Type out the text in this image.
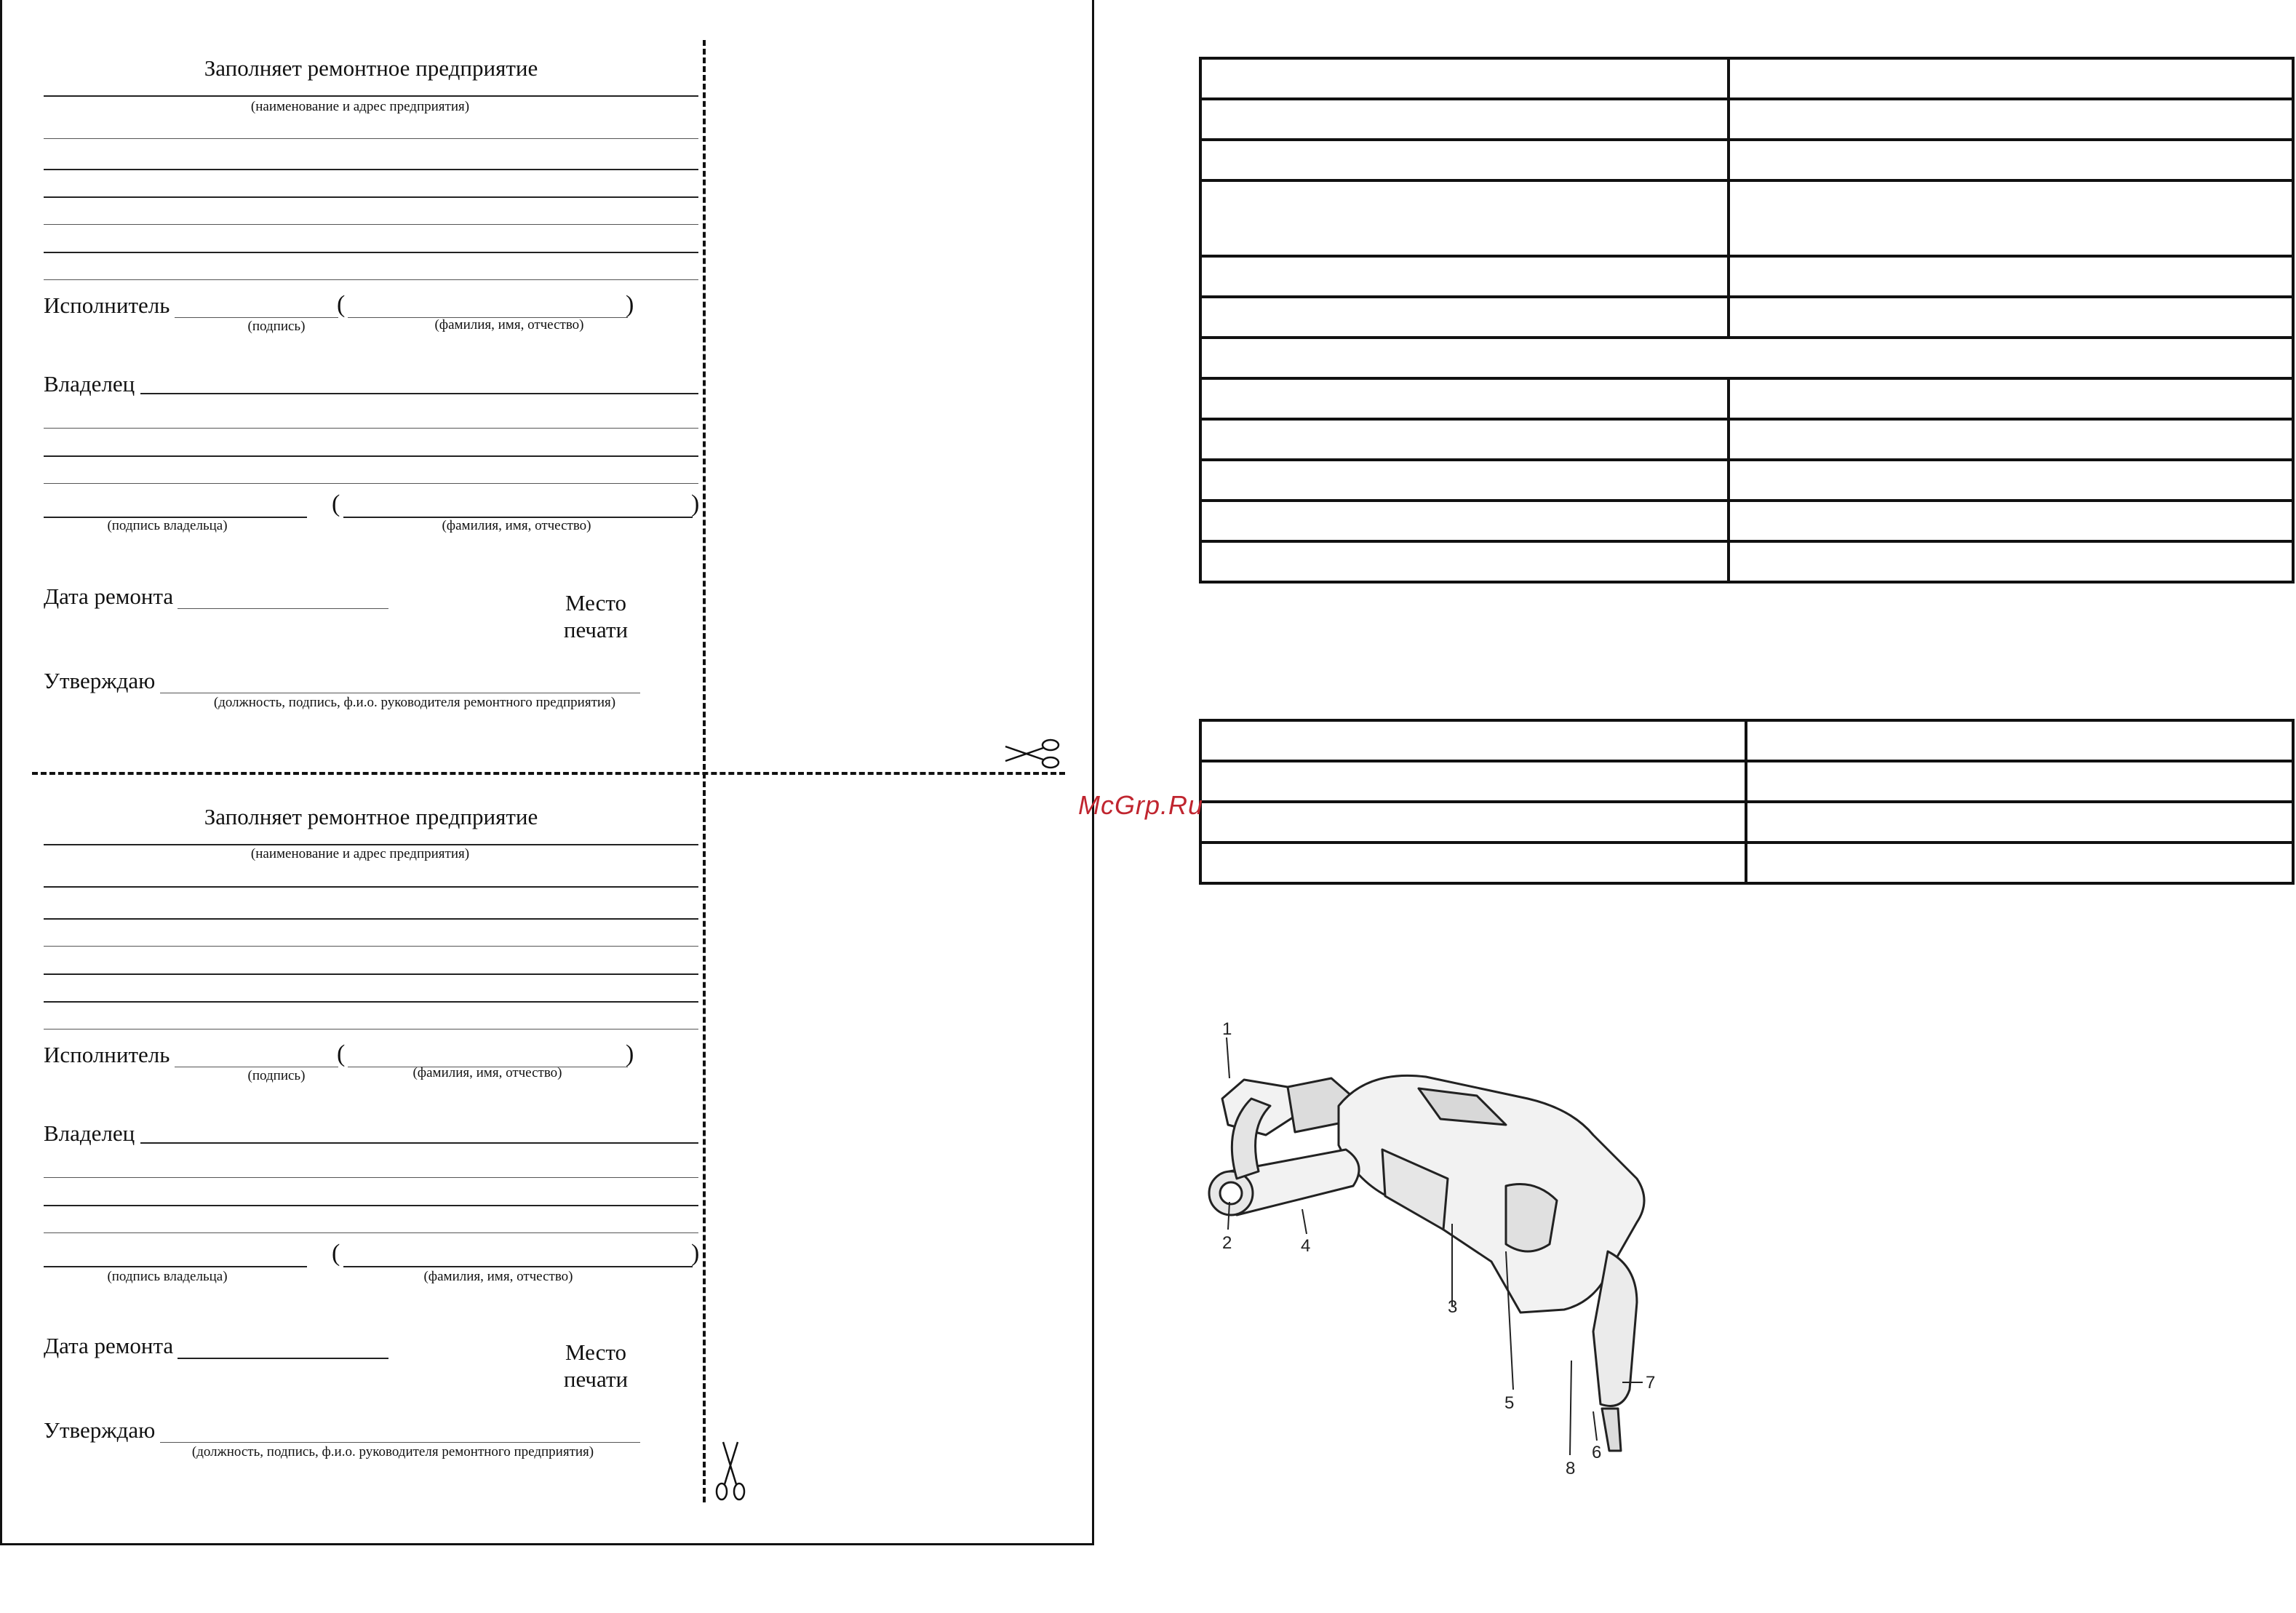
Заполняет ремонтное предприятие
(наименование и адрес предприятия)
Исполнитель	(	)
(подпись)	(фамилия, имя, отчество)
Владелец
(	)
(подпись владельца)	(фамилия, имя, отчество)
Дата ремонта	Место
печати
Утверждаю
(должность, подпись, ф.и.о. руководителя ремонтного предприятия)
Заполняет ремонтное предприятие
(наименование и адрес предприятия)
Исполнитель	(	)
(подпись)	(фамилия, имя, отчество)
Владелец
(	)
(подпись владельца)	(фамилия, имя, отчество)
Дата ремонта	Место
печати
Утверждаю
(должность, подпись, ф.и.о. руководителя ремонтного предприятия)

McGrp.Ru
1
2
3
4
5
6
7
8
